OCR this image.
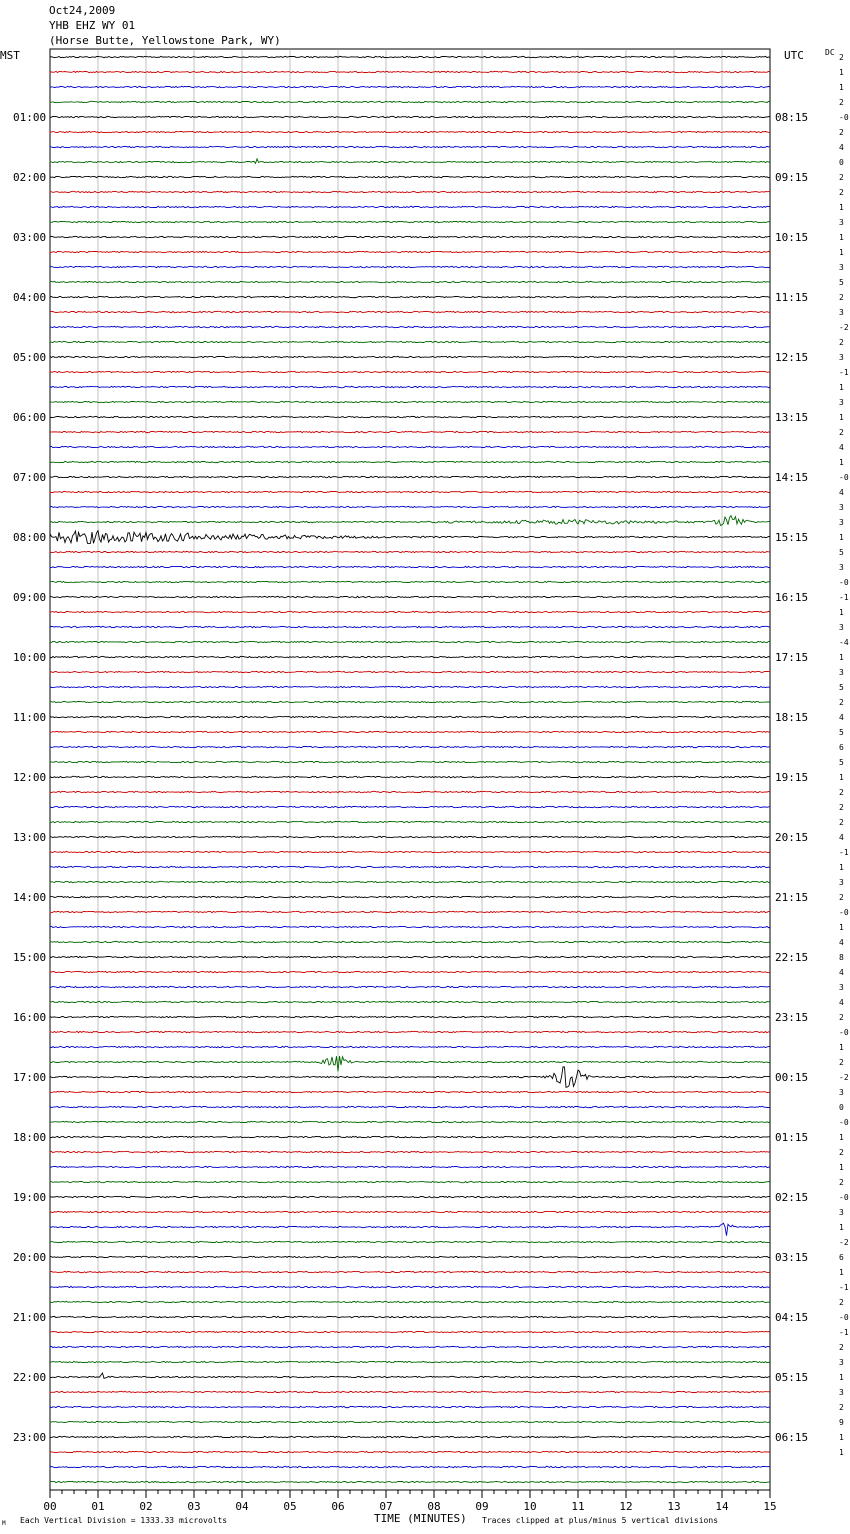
Oct24,2009
YHB EHZ WY 01
(Horse Butte, Yellowstone Park, WY)
MST	UTC	DC
01:00	08:15
02:00	09:15
03:00	10:15
04:00	11:15
05:00	12:15
06:00	13:15
07:00	14:15
08:00	15:15
09:00	16:15
10:00	17:15
11:00	18:15
12:00	19:15
13:00	20:15
14:00	21:15
15:00	22:15
16:00	23:15
17:00	00:15
18:00	01:15
19:00	02:15
20:00	03:15
21:00	04:15
22:00	05:15
23:00	06:15
2
1
1
2
-0
2
4
0
2
2
1
3
1
1
3
5
2
3
-2
2
3
-1
1
3
1
2
4
1
-0
4
3
3
1
5
3
-0
-1
1
3
-4
1
3
5
2
4
5
6
5
1
2
2
2
4
-1
1
3
2
-0
1
4
8
4
3
4
2
-0
1
2
-2
3
0
-0
1
2
1
2
-0
3
1
-2
6
1
-1
2
-0
-1
2
3
1
3
2
9
1
1
00	01	02	03	04	05	06	07	08	09	10	11	12	13	14	15
Each Vertical Division = 1333.33 microvolts	TIME (MINUTES) Traces clipped at plus/minus 5 vertical divisions
M
